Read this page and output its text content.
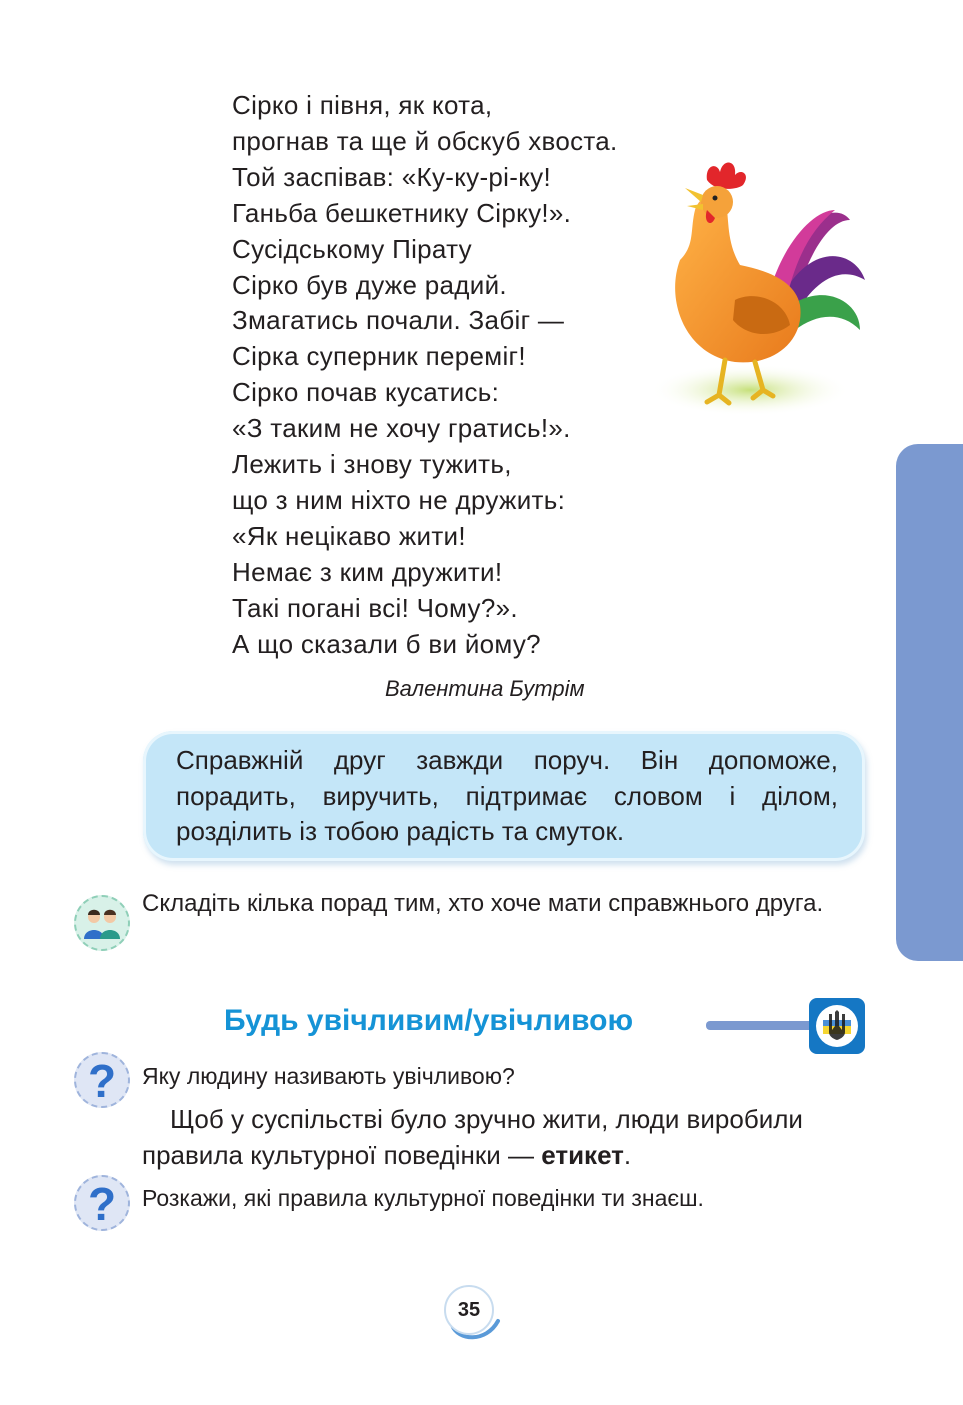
Сірко і півня, як кота,
прогнав та ще й обскуб хвоста.
Той заспівав: «Ку-ку-рі-ку!
Ганьба бешкетнику Сірку!».
Сусідському Пірату
Сірко був дуже радий.
Змагатись почали. Забіг —
Сірка суперник переміг!
Сірко почав кусатись:
«З таким не хочу гратись!».
Лежить і знову тужить,
що з ним ніхто не дружить:
«Як нецікаво жити!
Немає з ким дружити!
Такі погані всі! Чому?».
А що сказали б ви йому?
Валентина Бутрім
Справжній друг завжди поруч. Він допоможе, порадить, виручить, підтримає словом і ділом, розділить із тобою радість та смуток.
Складіть кілька порад тим, хто хоче мати справжнього друга.
Будь увічливим/увічливою
?	Яку людину називають увічливою?
Щоб у суспільстві було зручно жити, люди виробили правила культурної поведінки — етикет.
?	Розкажи, які правила культурної поведінки ти знаєш.
35
